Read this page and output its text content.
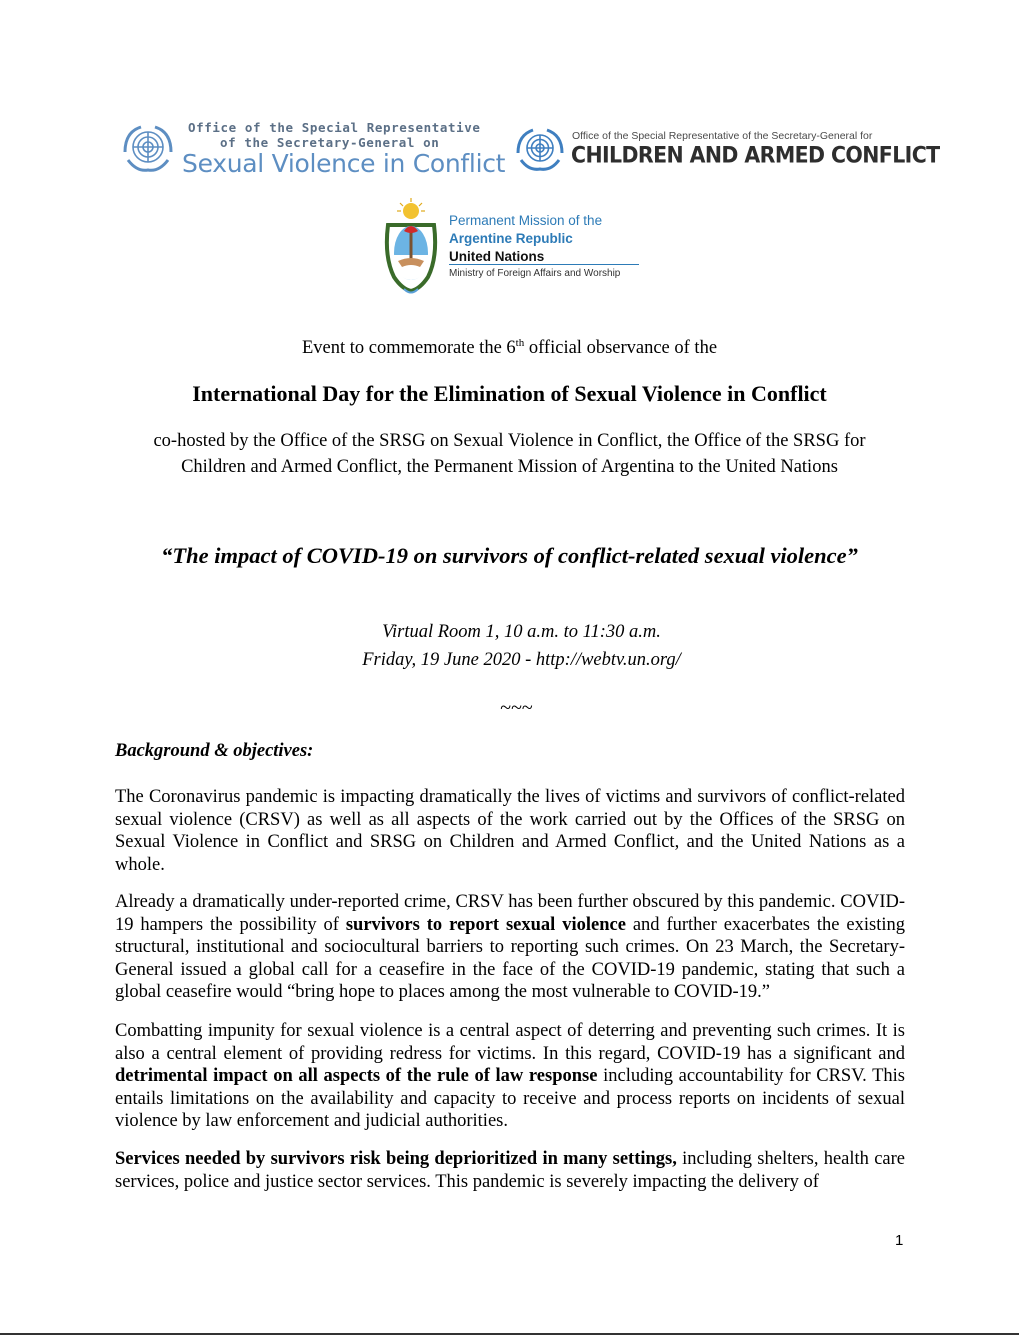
Office of the Special Representative
of the Secretary-General on
Sexual Violence in Conflict
Office of the Special Representative of the Secretary-General for
CHILDREN AND ARMED CONFLICT
Permanent Mission of the
Argentine Republic
United Nations
Ministry of Foreign Affairs and Worship
Event to commemorate the 6th official observance of the
International Day for the Elimination of Sexual Violence in Conflict
co-hosted by the Office of the SRSG on Sexual Violence in Conflict, the Office of the SRSG for
Children and Armed Conflict, the Permanent Mission of Argentina to the United Nations
“The impact of COVID-19 on survivors of conflict-related sexual violence”
Virtual Room 1, 10 a.m. to 11:30 a.m.
Friday, 19 June 2020 - http://webtv.un.org/
~~~
Background & objectives:

The Coronavirus pandemic is impacting dramatically the lives of victims and survivors of conflict-related sexual violence (CRSV) as well as all aspects of the work carried out by the Offices of the SRSG on Sexual Violence in Conflict and SRSG on Children and Armed Conflict, and the United Nations as a whole.

Already a dramatically under-reported crime, CRSV has been further obscured by this pandemic. COVID-19 hampers the possibility of survivors to report sexual violence and further exacerbates the existing structural, institutional and sociocultural barriers to reporting such crimes. On 23 March, the Secretary-General issued a global call for a ceasefire in the face of the COVID-19 pandemic, stating that such a global ceasefire would “bring hope to places among the most vulnerable to COVID-19.”

Combatting impunity for sexual violence is a central aspect of deterring and preventing such crimes. It is also a central element of providing redress for victims. In this regard, COVID-19 has a significant and detrimental impact on all aspects of the rule of law response including accountability for CRSV. This entails limitations on the availability and capacity to receive and process reports on incidents of sexual violence by law enforcement and judicial authorities.

Services needed by survivors risk being deprioritized in many settings, including shelters, health care services, police and justice sector services. This pandemic is severely impacting the delivery of

1
